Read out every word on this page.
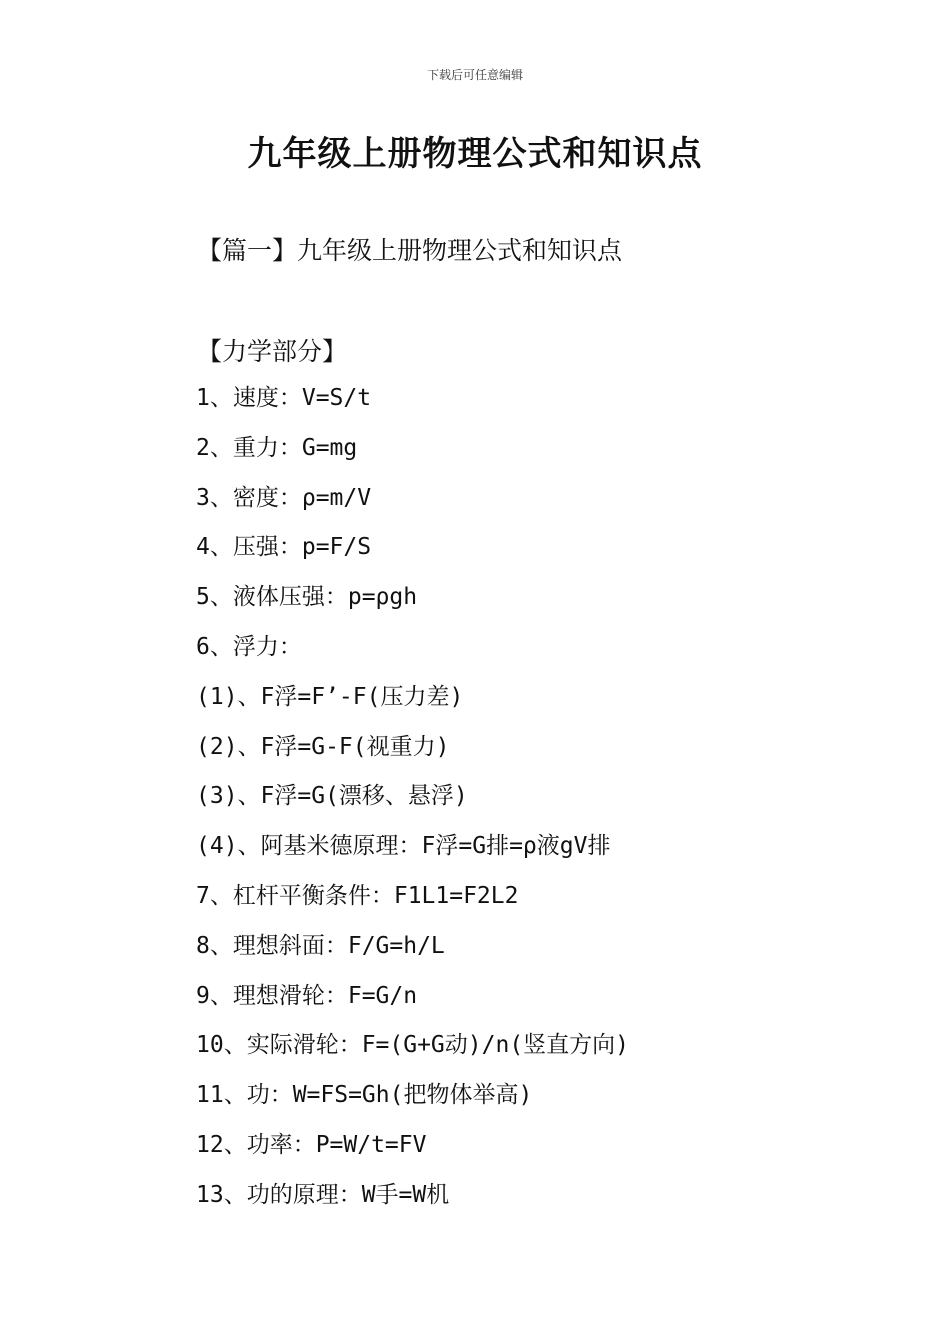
下载后可任意编辑
九年级上册物理公式和知识点
【篇一】九年级上册物理公式和知识点
【力学部分】
1、速度：V=S/t
2、重力：G=mg
3、密度：ρ=m/V
4、压强：p=F/S
5、液体压强：p=ρgh
6、浮力：
(1)、F浮=F’-F(压力差)
(2)、F浮=G-F(视重力)
(3)、F浮=G(漂移、悬浮)
(4)、阿基米德原理：F浮=G排=ρ液gV排
7、杠杆平衡条件：F1L1=F2L2
8、理想斜面：F/G=h/L
9、理想滑轮：F=G/n
10、实际滑轮：F=(G+G动)/n(竖直方向)
11、功：W=FS=Gh(把物体举高)
12、功率：P=W/t=FV
13、功的原理：W手=W机
